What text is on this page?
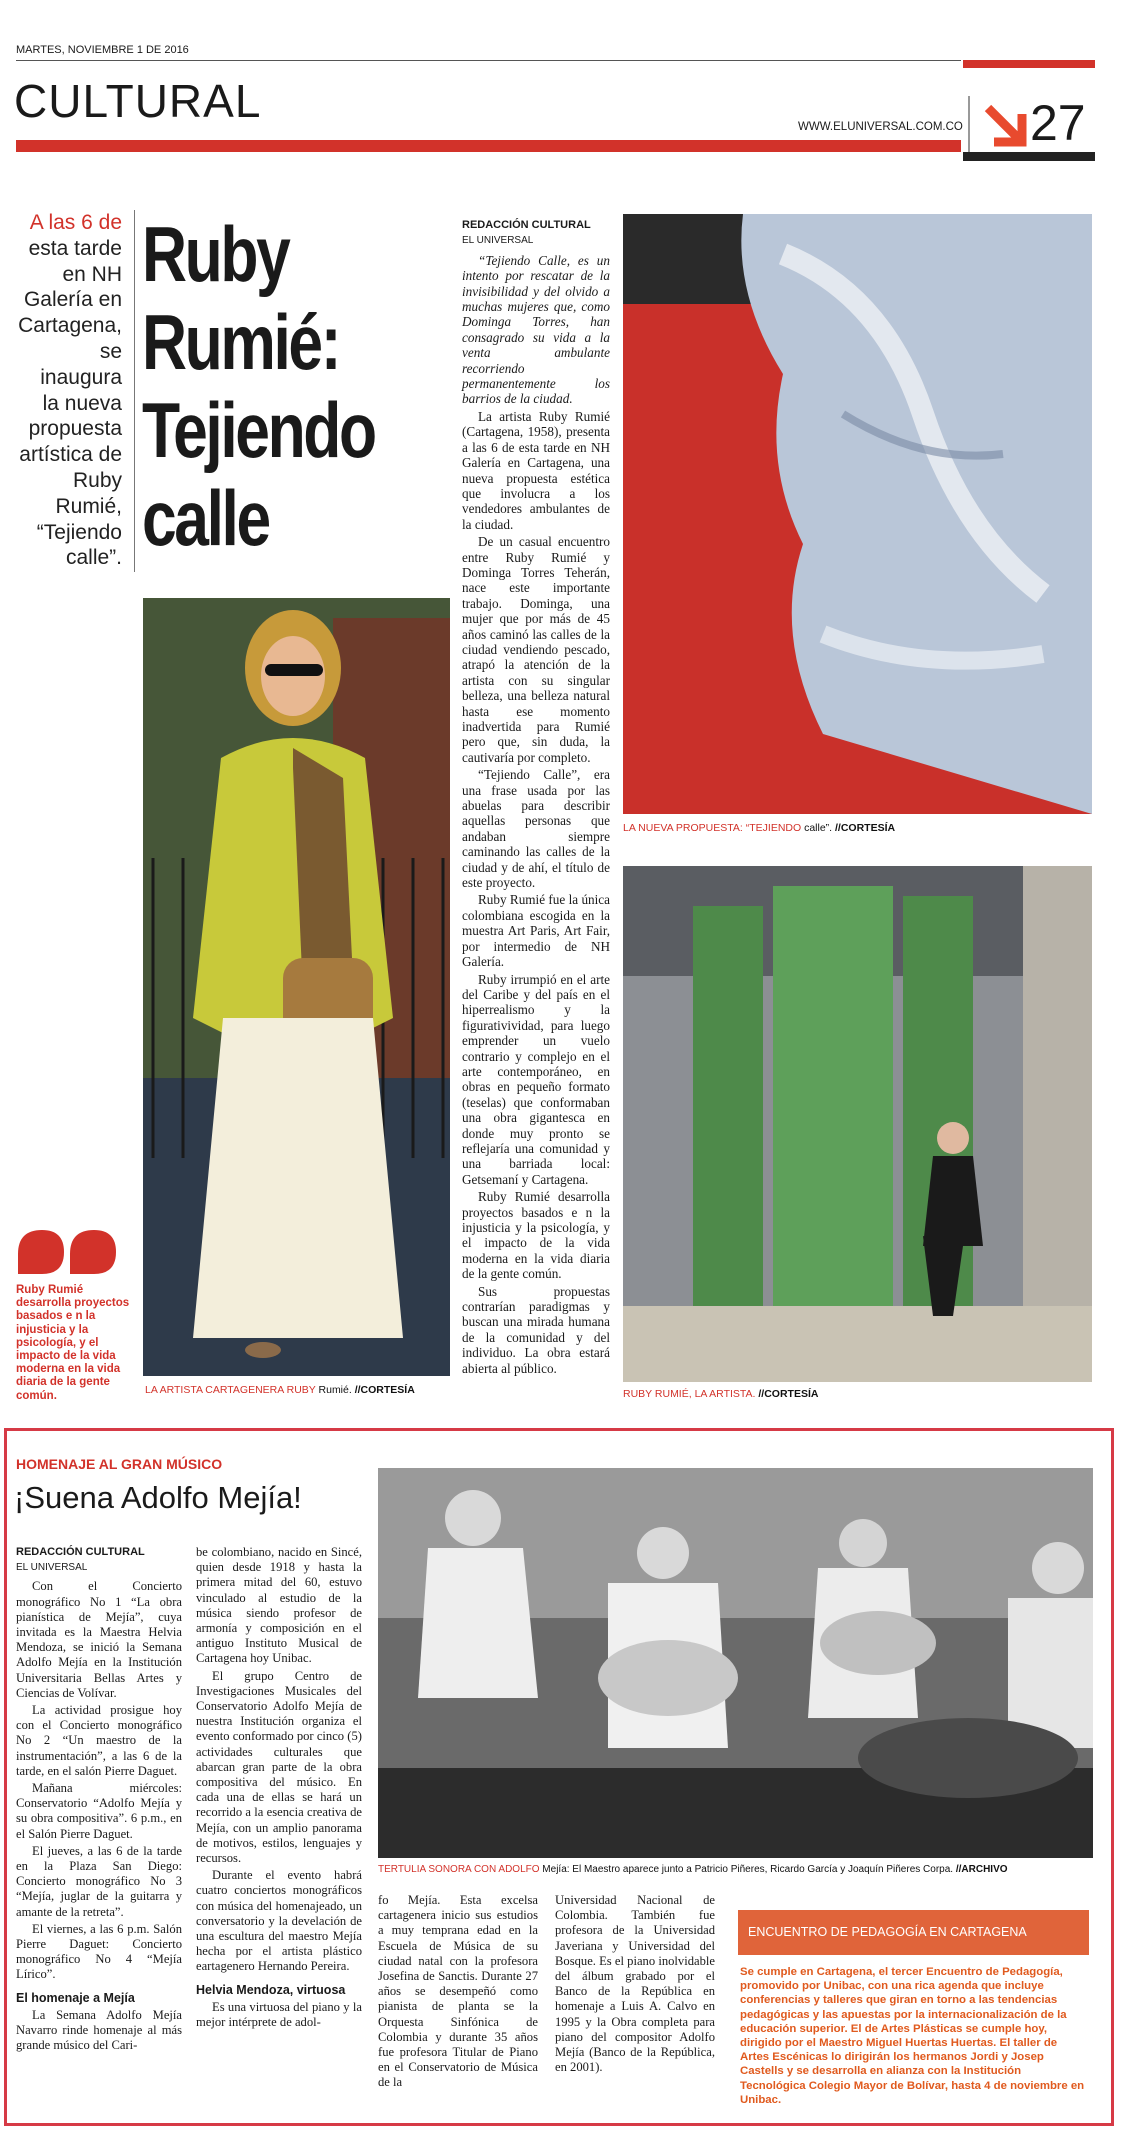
MARTES, NOVIEMBRE 1 DE 2016
CULTURAL	WWW.ELUNIVERSAL.COM.CO 27
A las 6 de
esta tarde
en NH
Galería en
Cartagena,
se
inaugura
la nueva
propuesta
artística de
Ruby
Rumié,
“Tejiendo
calle”.
Ruby
Rumié:
Tejiendo
calle
LA ARTISTA CARTAGENERA RUBY Rumié. //CORTESÍA
Ruby Rumié desarrolla proyectos basados e n la injusticia y la psicología, y el impacto de la vida moderna en la vida diaria de la gente común.
REDACCIÓN CULTURAL
EL UNIVERSAL

“Tejiendo Calle, es un intento por rescatar de la invisibilidad y del olvido a muchas mujeres que, como Dominga Torres, han consagrado su vida a la venta ambulante recorriendo permanentemente los barrios de la ciudad.

La artista Ruby Rumié (Cartagena, 1958), presenta a las 6 de esta tarde en NH Galería en Cartagena, una nueva propuesta estética que involucra a los vendedores ambulantes de la ciudad.

De un casual encuentro entre Ruby Rumié y Dominga Torres Teherán, nace este importante trabajo. Dominga, una mujer que por más de 45 años caminó las calles de la ciudad vendiendo pescado, atrapó la atención de la artista con su singular belleza, una belleza natural hasta ese momento inadvertida para Rumié pero que, sin duda, la cautivaría por completo.

“Tejiendo Calle”, era una frase usada por las abuelas para describir aquellas personas que andaban siempre caminando las calles de la ciudad y de ahí, el título de este proyecto.

Ruby Rumié fue la única colombiana escogida en la muestra Art Paris, Art Fair, por intermedio de NH Galería.

Ruby irrumpió en el arte del Caribe y del país en el hiperrealismo y la figurativividad, para luego emprender un vuelo contrario y complejo en el arte contemporáneo, en obras en pequeño formato (teselas) que conformaban una obra gigantesca en donde muy pronto se reflejaría una comunidad y una barriada local: Getsemaní y Cartagena.

Ruby Rumié desarrolla proyectos basados e n la injusticia y la psicología, y el impacto de la vida moderna en la vida diaria de la gente común.

Sus propuestas contrarían paradigmas y buscan una mirada humana de la comunidad y del individuo. La obra estará abierta al público.

LA NUEVA PROPUESTA: “TEJIENDO calle”. //CORTESÍA
RUBY RUMIÉ, LA ARTISTA. //CORTESÍA
HOMENAJE AL GRAN MÚSICO
¡Suena Adolfo Mejía!
REDACCIÓN CULTURAL
EL UNIVERSAL

Con el Concierto monográfico No 1 “La obra pianística de Mejía”, cuya invitada es la Maestra Helvia Mendoza, se inició la Semana Adolfo Mejía en la Institución Universitaria Bellas Artes y Ciencias de Volívar.

La actividad prosigue hoy con el Concierto monográfico No 2 “Un maestro de la instrumentación”, a las 6 de la tarde, en el salón Pierre Daguet.

Mañana miércoles: Conservatorio “Adolfo Mejía y su obra compositiva”. 6 p.m., en el Salón Pierre Daguet.

El jueves, a las 6 de la tarde en la Plaza San Diego: Concierto monográfico No 3 “Mejía, juglar de la guitarra y amante de la retreta”.

El viernes, a las 6 p.m. Salón Pierre Daguet: Concierto monográfico No 4 “Mejía Lírico”.

El homenaje a Mejía

La Semana Adolfo Mejía Navarro rinde homenaje al más grande músico del Cari-

be colombiano, nacido en Sincé, quien desde 1918 y hasta la primera mitad del 60, estuvo vinculado al estudio de la música siendo profesor de armonía y composición en el antiguo Instituto Musical de Cartagena hoy Unibac.

El grupo Centro de Investigaciones Musicales del Conservatorio Adolfo Mejía de nuestra Institución organiza el evento conformado por cinco (5) actividades culturales que abarcan gran parte de la obra compositiva del músico. En cada una de ellas se hará un recorrido a la esencia creativa de Mejía, con un amplio panorama de motivos, estilos, lenguajes y recursos.

Durante el evento habrá cuatro conciertos monográficos con música del homenajeado, un conversatorio y la develación de una escultura del maestro Mejía hecha por el artista plástico eartagenero Hernando Pereira.

Helvia Mendoza, virtuosa

Es una virtuosa del piano y la mejor intérprete de adol-

TERTULIA SONORA CON ADOLFO Mejía: El Maestro aparece junto a Patricio Piñeres, Ricardo García y Joaquín Piñeres Corpa. //ARCHIVO

fo Mejía. Esta excelsa cartagenera inicio sus estudios a muy temprana edad en la Escuela de Música de su ciudad natal con la profesora Josefina de Sanctis. Durante 27 años se desempeñó como pianista de planta se la Orquesta Sinfónica de Colombia y durante 35 años fue profesora Titular de Piano en el Conservatorio de Música de la

Universidad Nacional de Colombia. También fue profesora de la Universidad Javeriana y Universidad del Bosque. Es el piano inolvidable del álbum grabado por el Banco de la República en homenaje a Luis A. Calvo en 1995 y la Obra completa para piano del compositor Adolfo Mejía (Banco de la República, en 2001).

ENCUENTRO DE PEDAGOGÍA EN CARTAGENA
Se cumple en Cartagena, el tercer Encuentro de Pedagogía, promovido por Unibac, con una rica agenda que incluye conferencias y talleres que giran en torno a las tendencias pedagógicas y las apuestas por la internacionalización de la educación superior. El de Artes Plásticas se cumple hoy, dirigido por el Maestro Miguel Huertas Huertas. El taller de Artes Escénicas lo dirigirán los hermanos Jordi y Josep Castells y se desarrolla en alianza con la Institución Tecnológica Colegio Mayor de Bolívar, hasta 4 de noviembre en Unibac.
